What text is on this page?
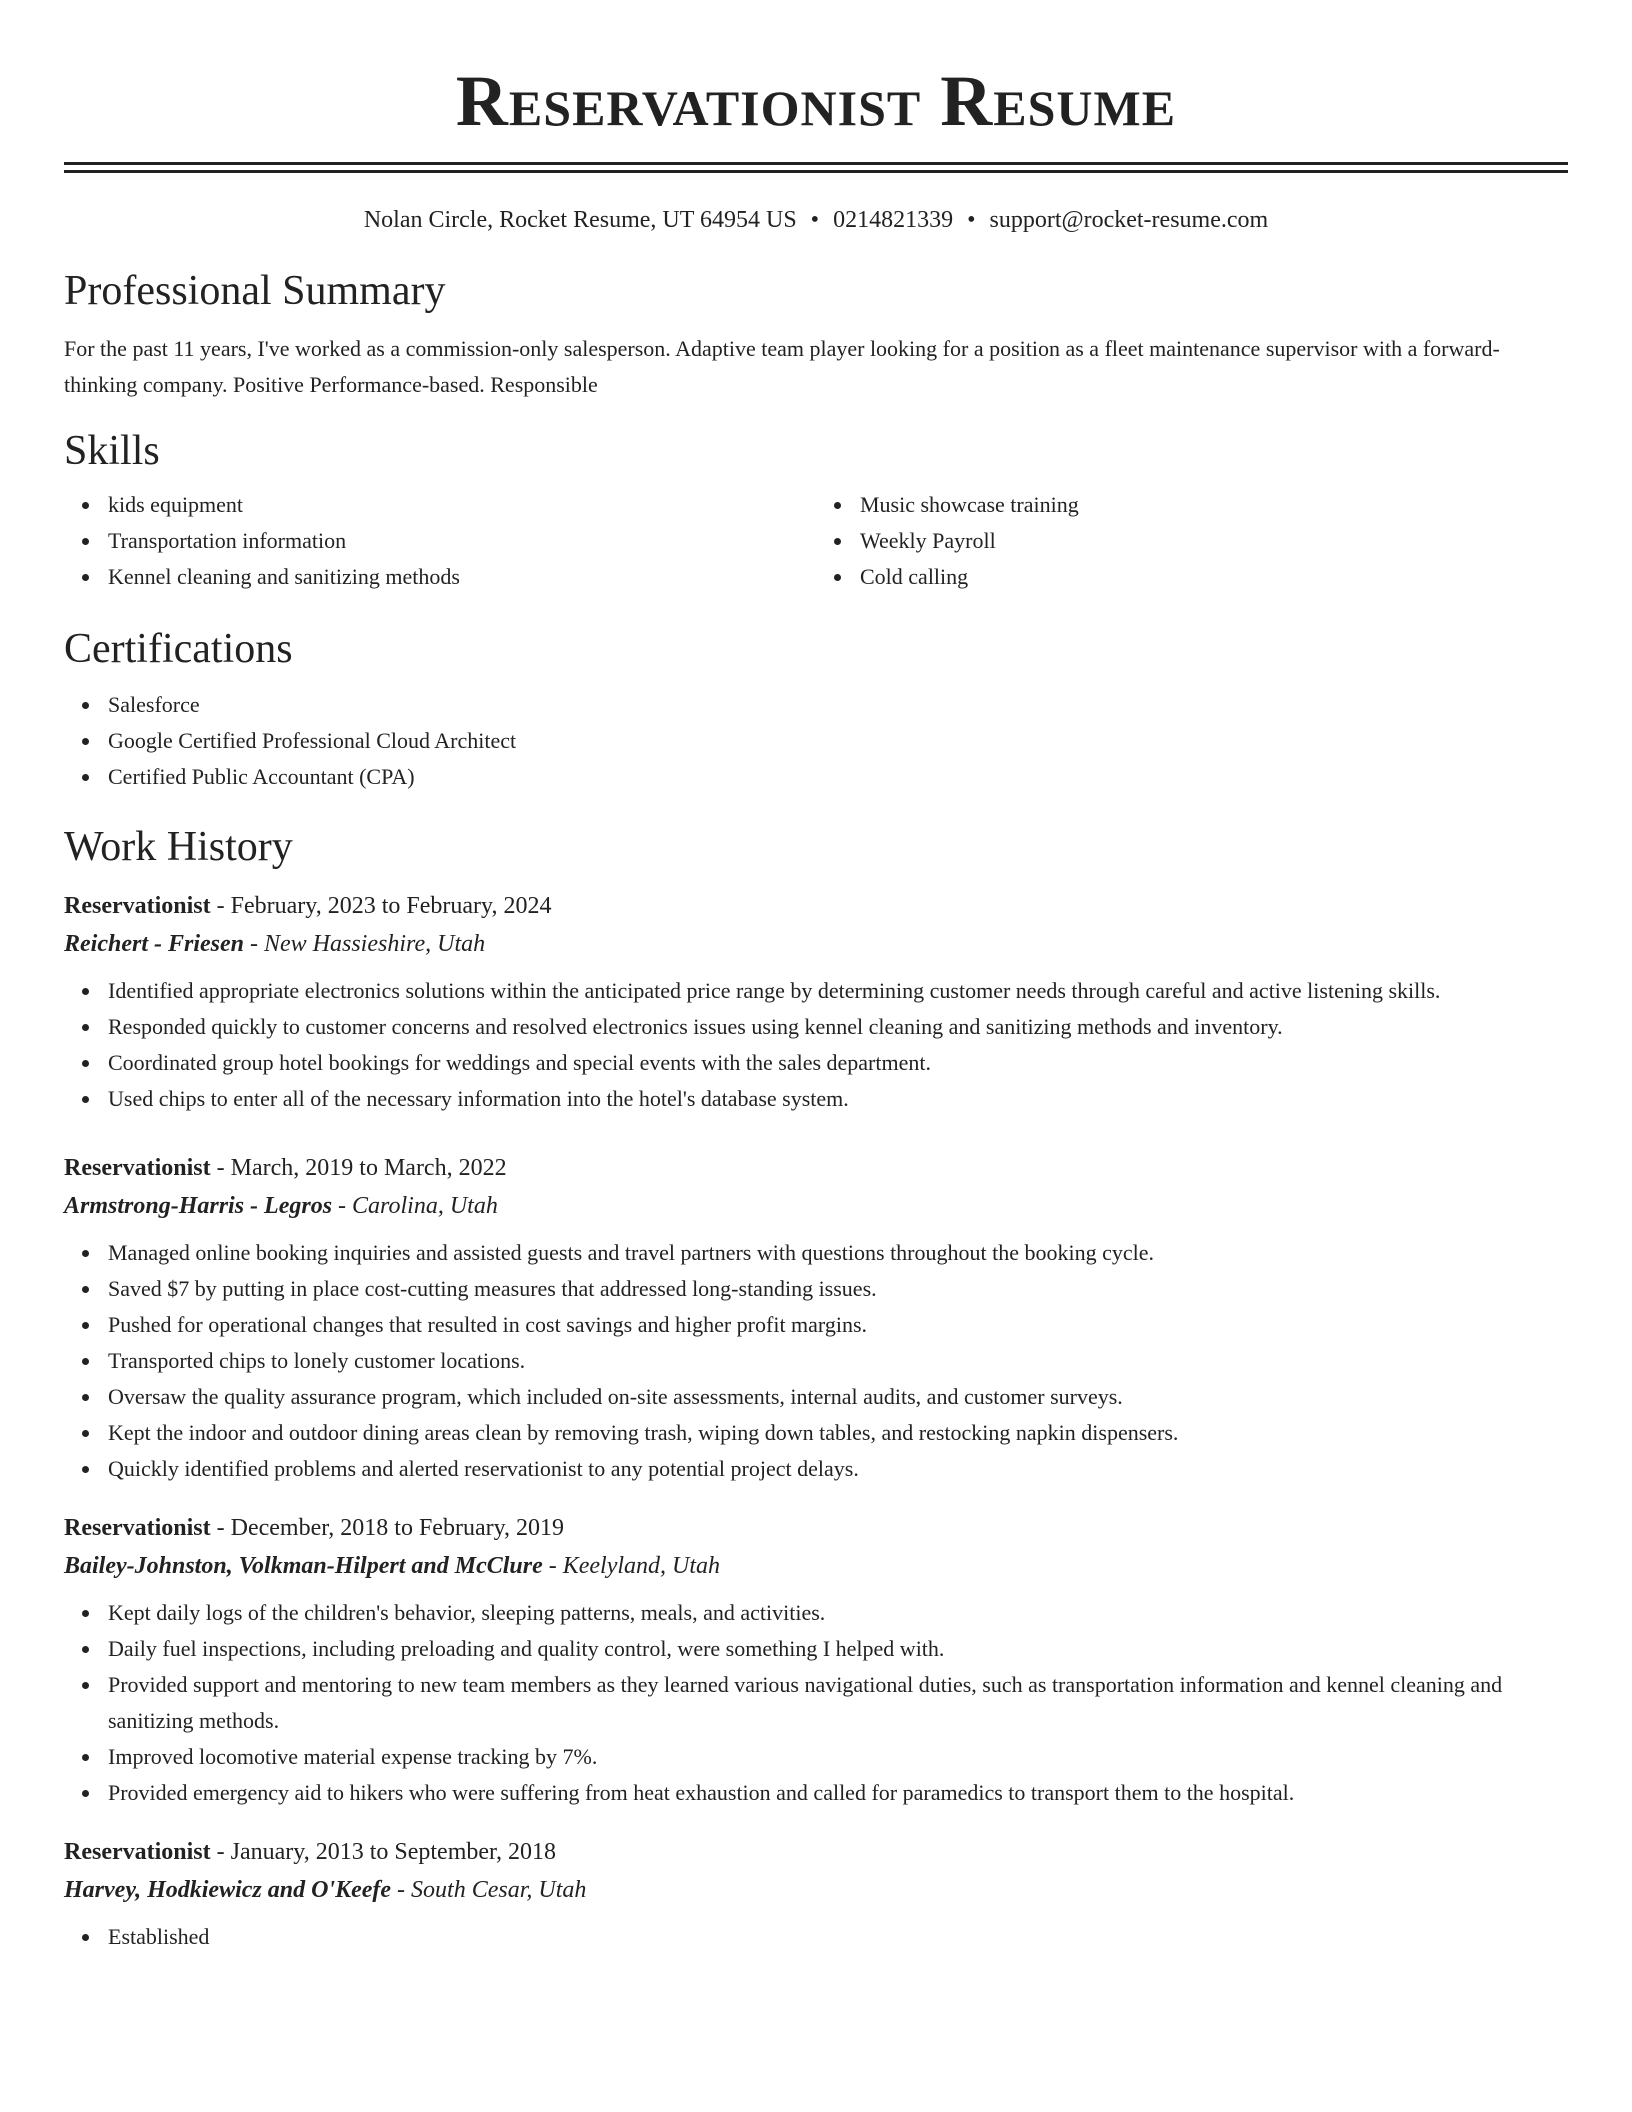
Reservationist Resume
Nolan Circle, Rocket Resume, UT 64954 US • 0214821339 • support@rocket-resume.com
Professional Summary

For the past 11 years, I've worked as a commission-only salesperson. Adaptive team player looking for a position as a fleet maintenance supervisor with a forward-thinking company. Positive Performance-based. Responsible

Skills
kids equipment
Transportation information
Kennel cleaning and sanitizing methods
Music showcase training
Weekly Payroll
Cold calling
Certifications
Salesforce
Google Certified Professional Cloud Architect
Certified Public Accountant (CPA)
Work History
Reservationist - February, 2023 to February, 2024
Reichert - Friesen - New Hassieshire, Utah
Identified appropriate electronics solutions within the anticipated price range by determining customer needs through careful and active listening skills.
Responded quickly to customer concerns and resolved electronics issues using kennel cleaning and sanitizing methods and inventory.
Coordinated group hotel bookings for weddings and special events with the sales department.
Used chips to enter all of the necessary information into the hotel's database system.
Reservationist - March, 2019 to March, 2022
Armstrong-Harris - Legros - Carolina, Utah
Managed online booking inquiries and assisted guests and travel partners with questions throughout the booking cycle.
Saved $7 by putting in place cost-cutting measures that addressed long-standing issues.
Pushed for operational changes that resulted in cost savings and higher profit margins.
Transported chips to lonely customer locations.
Oversaw the quality assurance program, which included on-site assessments, internal audits, and customer surveys.
Kept the indoor and outdoor dining areas clean by removing trash, wiping down tables, and restocking napkin dispensers.
Quickly identified problems and alerted reservationist to any potential project delays.
Reservationist - December, 2018 to February, 2019
Bailey-Johnston, Volkman-Hilpert and McClure - Keelyland, Utah
Kept daily logs of the children's behavior, sleeping patterns, meals, and activities.
Daily fuel inspections, including preloading and quality control, were something I helped with.
Provided support and mentoring to new team members as they learned various navigational duties, such as transportation information and kennel cleaning and sanitizing methods.
Improved locomotive material expense tracking by 7%.
Provided emergency aid to hikers who were suffering from heat exhaustion and called for paramedics to transport them to the hospital.
Reservationist - January, 2013 to September, 2018
Harvey, Hodkiewicz and O'Keefe - South Cesar, Utah
Established
